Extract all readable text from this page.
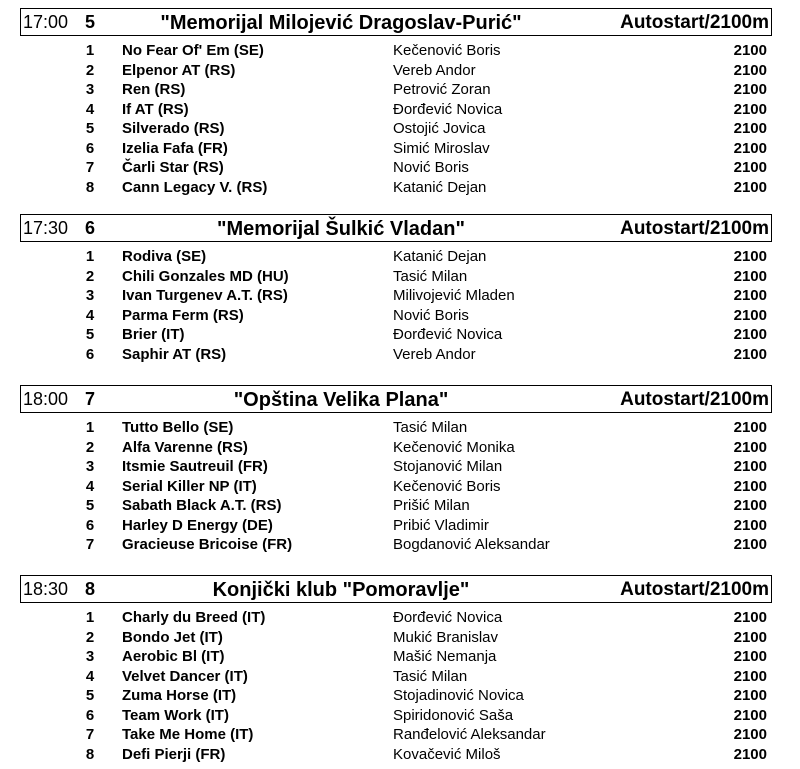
17:00 5	"Memorijal Milojević Dragoslav-Purić"	Autostart/2100m
1	No Fear Of' Em (SE)	Kečenović Boris	2100
2	Elpenor AT (RS)	Vereb Andor	2100
3	Ren (RS)	Petrović Zoran	2100
4	If AT (RS)	Đorđević Novica	2100
5	Silverado (RS)	Ostojić Jovica	2100
6	Izelia Fafa (FR)	Simić Miroslav	2100
7	Čarli Star (RS)	Nović Boris	2100
8	Cann Legacy V. (RS)	Katanić Dejan	2100
17:30 6	"Memorijal Šulkić Vladan"	Autostart/2100m
1	Rodiva (SE)	Katanić Dejan	2100
2	Chili Gonzales MD (HU)	Tasić Milan	2100
3	Ivan Turgenev A.T. (RS)	Milivojević Mladen	2100
4	Parma Ferm (RS)	Nović Boris	2100
5	Brier (IT)	Đorđević Novica	2100
6	Saphir AT (RS)	Vereb Andor	2100
18:00 7	"Opština Velika Plana"	Autostart/2100m
1	Tutto Bello (SE)	Tasić Milan	2100
2	Alfa Varenne (RS)	Kečenović Monika	2100
3	Itsmie Sautreuil (FR)	Stojanović Milan	2100
4	Serial Killer NP (IT)	Kečenović Boris	2100
5	Sabath Black A.T. (RS)	Prišić Milan	2100
6	Harley D Energy (DE)	Pribić Vladimir	2100
7	Gracieuse Bricoise (FR)	Bogdanović Aleksandar	2100
18:30 8	Konjički klub "Pomoravlje"	Autostart/2100m
1	Charly du Breed (IT)	Đorđević Novica	2100
2	Bondo Jet (IT)	Mukić Branislav	2100
3	Aerobic Bl (IT)	Mašić Nemanja	2100
4	Velvet Dancer (IT)	Tasić Milan	2100
5	Zuma Horse (IT)	Stojadinović Novica	2100
6	Team Work (IT)	Spiridonović Saša	2100
7	Take Me Home (IT)	Ranđelović Aleksandar	2100
8	Defi Pierji (FR)	Kovačević Miloš	2100
